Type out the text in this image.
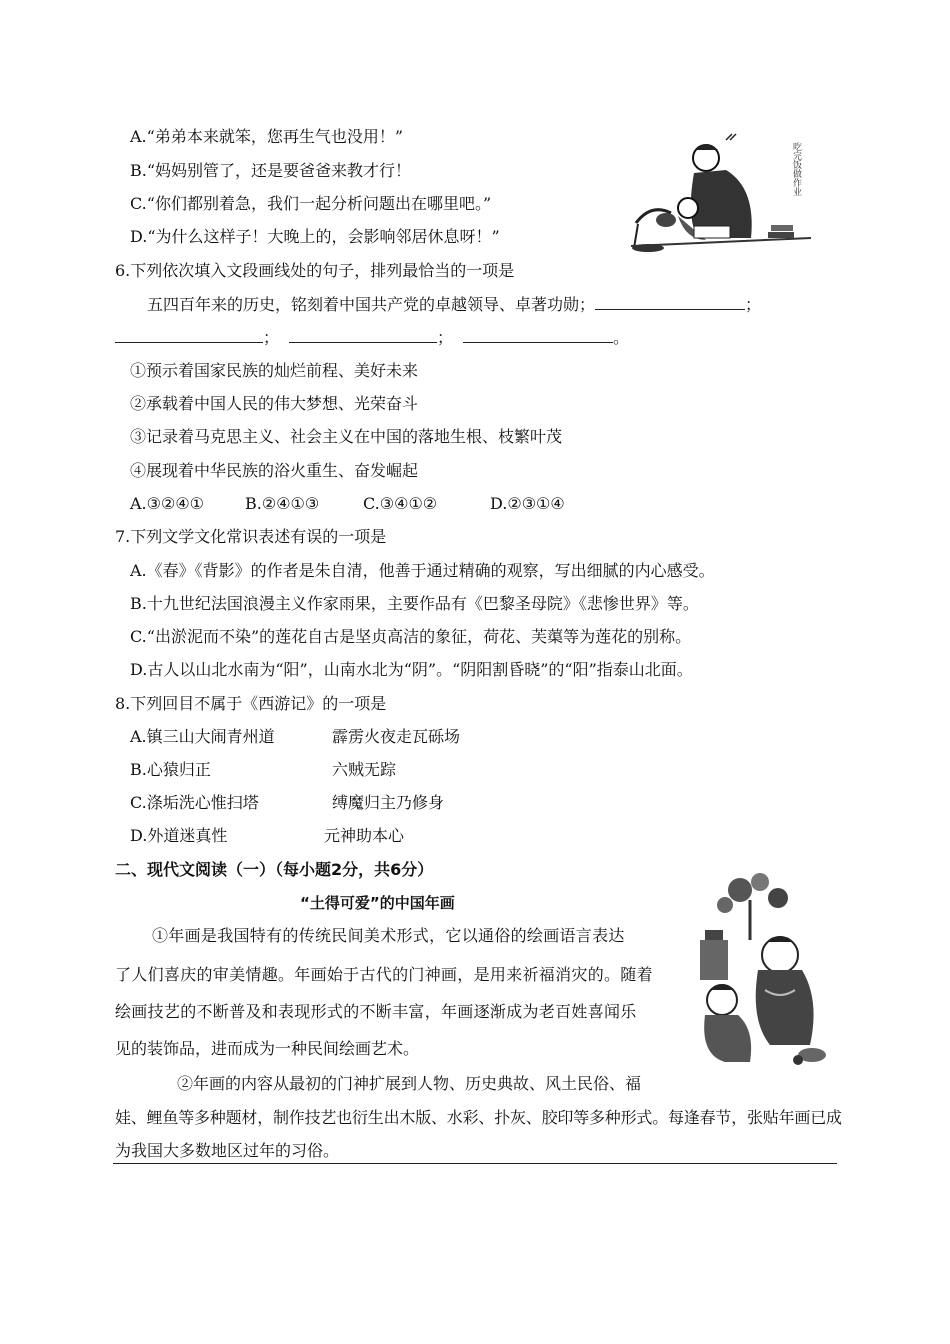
A.“弟弟本来就笨，您再生气也没用！”
B.“妈妈别管了，还是要爸爸来教才行！
C.“你们都别着急，我们一起分析问题出在哪里吧。”
D.“为什么这样子！大晚上的，会影响邻居休息呀！”
吃完饭做作业
6.下列依次填入文段画线处的句子，排列最恰当的一项是
五四百年来的历史，铭刻着中国共产党的卓越领导、卓著功勋；	；
；	；	。
①预示着国家民族的灿烂前程、美好未来
②承载着中国人民的伟大梦想、光荣奋斗
③记录着马克思主义、社会主义在中国的落地生根、枝繁叶茂
④展现着中华民族的浴火重生、奋发崛起
A.③②④①	B.②④①③	C.③④①②	D.②③①④
7.下列文学文化常识表述有误的一项是
A.《春》《背影》的作者是朱自清，他善于通过精确的观察，写出细腻的内心感受。
B.十九世纪法国浪漫主义作家雨果，主要作品有《巴黎圣母院》《悲惨世界》等。
C.“出淤泥而不染”的莲花自古是坚贞高洁的象征，荷花、芙蕖等为莲花的别称。
D.古人以山北水南为“阳”，山南水北为“阴”。“阴阳割昏晓”的“阳”指泰山北面。
8.下列回目不属于《西游记》的一项是
A.镇三山大闹青州道	霹雳火夜走瓦砾场
B.心猿归正	六贼无踪
C.涤垢洗心惟扫塔	缚魔归主乃修身
D.外道迷真性	元神助本心
二、现代文阅读（一）（每小题2分，共6分）
“土得可爱”的中国年画
①年画是我国特有的传统民间美术形式，它以通俗的绘画语言表达
了人们喜庆的审美情趣。年画始于古代的门神画，是用来祈福消灾的。随着
绘画技艺的不断普及和表现形式的不断丰富，年画逐渐成为老百姓喜闻乐
见的装饰品，进而成为一种民间绘画艺术。
②年画的内容从最初的门神扩展到人物、历史典故、风土民俗、福
娃、鲤鱼等多种题材，制作技艺也衍生出木版、水彩、扑灰、胶印等多种形式。每逢春节，张贴年画已成
为我国大多数地区过年的习俗。
